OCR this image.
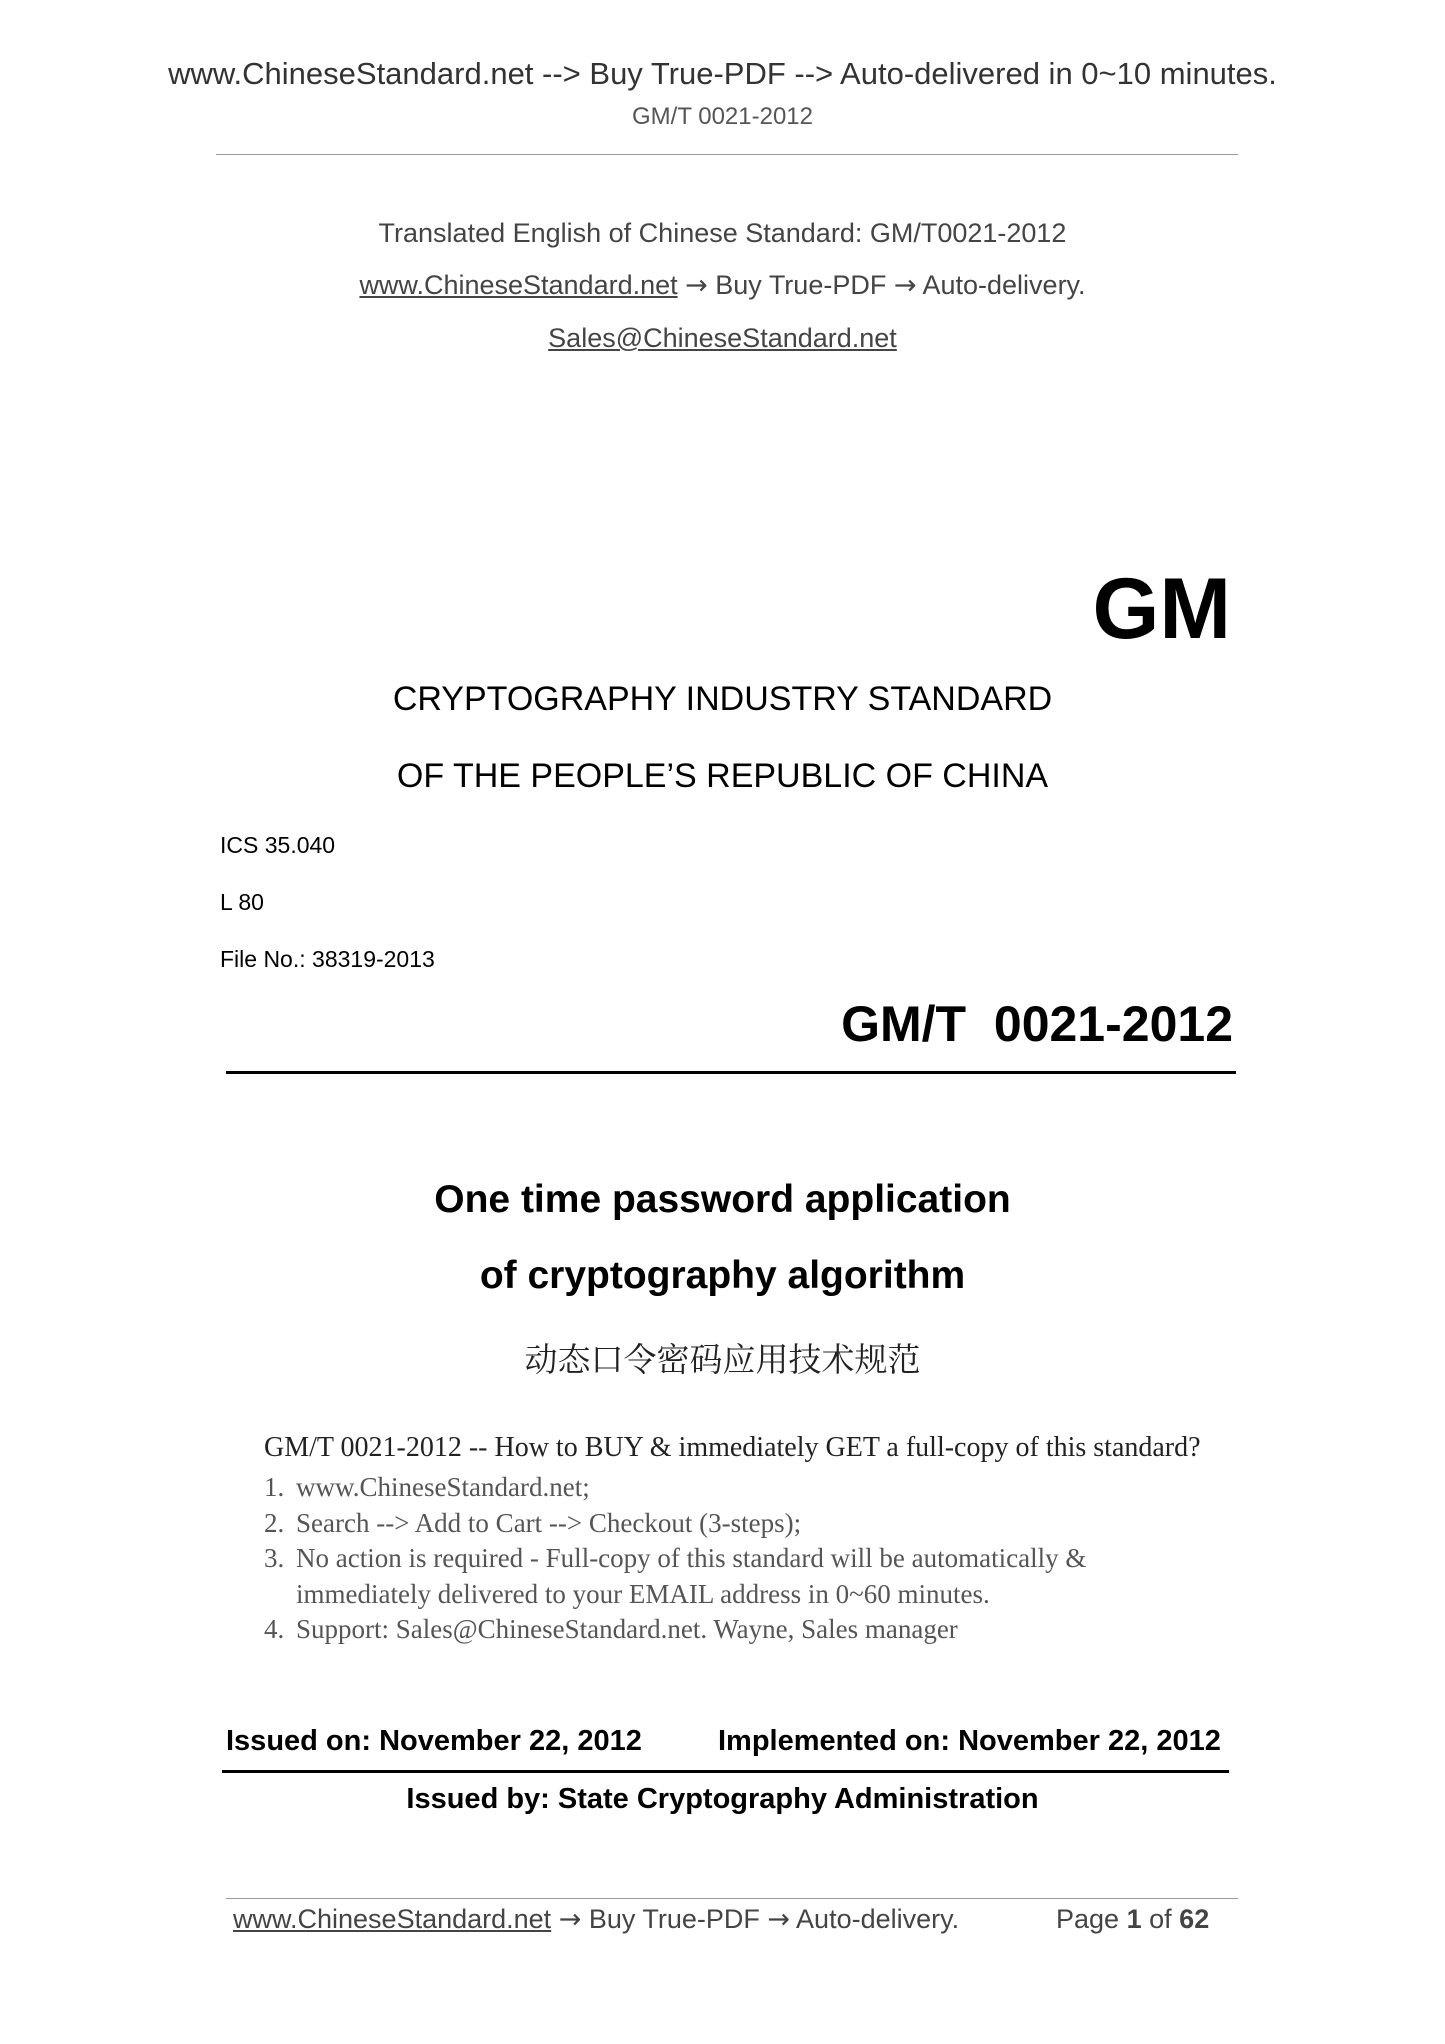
www.ChineseStandard.net --> Buy True-PDF --> Auto-delivered in 0~10 minutes.
GM/T 0021-2012
Translated English of Chinese Standard: GM/T0021-2012
www.ChineseStandard.net → Buy True-PDF → Auto-delivery.
Sales@ChineseStandard.net
GM
CRYPTOGRAPHY INDUSTRY STANDARD
OF THE PEOPLE’S REPUBLIC OF CHINA
ICS 35.040
L 80
File No.: 38319-2013
GM/T  0021-2012
One time password application
of cryptography algorithm
动态口令密码应用技术规范
GM/T 0021-2012 -- How to BUY & immediately GET a full-copy of this standard?
1. www.ChineseStandard.net;
2. Search --> Add to Cart --> Checkout (3-steps);
3. No action is required - Full-copy of this standard will be automatically &
immediately delivered to your EMAIL address in 0~60 minutes.
4. Support: Sales@ChineseStandard.net. Wayne, Sales manager
Issued on: November 22, 2012	Implemented on: November 22, 2012
Issued by: State Cryptography Administration
www.ChineseStandard.net → Buy True-PDF → Auto-delivery.	Page 1 of 62
